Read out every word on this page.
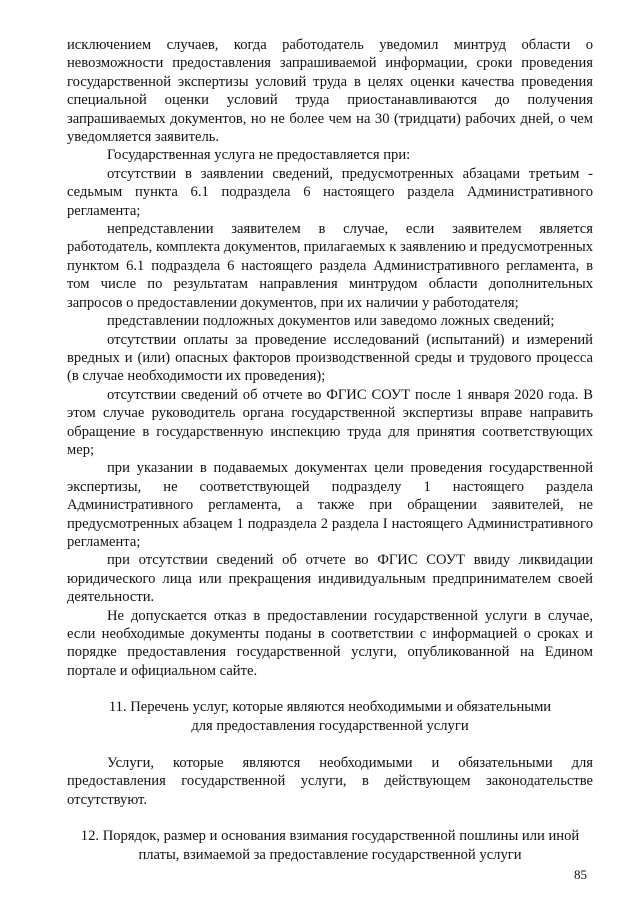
исключением случаев, когда работодатель уведомил минтруд области о невозможности предоставления запрашиваемой информации, сроки проведения государственной экспертизы условий труда в целях оценки качества проведения специальной оценки условий труда приостанавливаются до получения запрашиваемых документов, но не более чем на 30 (тридцати) рабочих дней, о чем уведомляется заявитель.

Государственная услуга не предоставляется при:

отсутствии в заявлении сведений, предусмотренных абзацами третьим - седьмым пункта 6.1 подраздела 6 настоящего раздела Административного регламента;

непредставлении заявителем в случае, если заявителем является работодатель, комплекта документов, прилагаемых к заявлению и предусмотренных пунктом 6.1 подраздела 6 настоящего раздела Административного регламента, в том числе по результатам направления минтрудом области дополнительных запросов о предоставлении документов, при их наличии у работодателя;

представлении подложных документов или заведомо ложных сведений;

отсутствии оплаты за проведение исследований (испытаний) и измерений вредных и (или) опасных факторов производственной среды и трудового процесса (в случае необходимости их проведения);

отсутствии сведений об отчете во ФГИС СОУТ после 1 января 2020 года. В этом случае руководитель органа государственной экспертизы вправе направить обращение в государственную инспекцию труда для принятия соответствующих мер;

при указании в подаваемых документах цели проведения государственной экспертизы, не соответствующей подразделу 1 настоящего раздела Административного регламента, а также при обращении заявителей, не предусмотренных абзацем 1 подраздела 2 раздела I настоящего Административного регламента;

при отсутствии сведений об отчете во ФГИС СОУТ ввиду ликвидации юридического лица или прекращения индивидуальным предпринимателем своей деятельности.

Не допускается отказ в предоставлении государственной услуги в случае, если необходимые документы поданы в соответствии с информацией о сроках и порядке предоставления государственной услуги, опубликованной на Едином портале и официальном сайте.

11. Перечень услуг, которые являются необходимыми и обязательными

для предоставления государственной услуги

Услуги, которые являются необходимыми и обязательными для предоставления государственной услуги, в действующем законодательстве отсутствуют.

12. Порядок, размер и основания взимания государственной пошлины или иной

платы, взимаемой за предоставление государственной услуги

85
